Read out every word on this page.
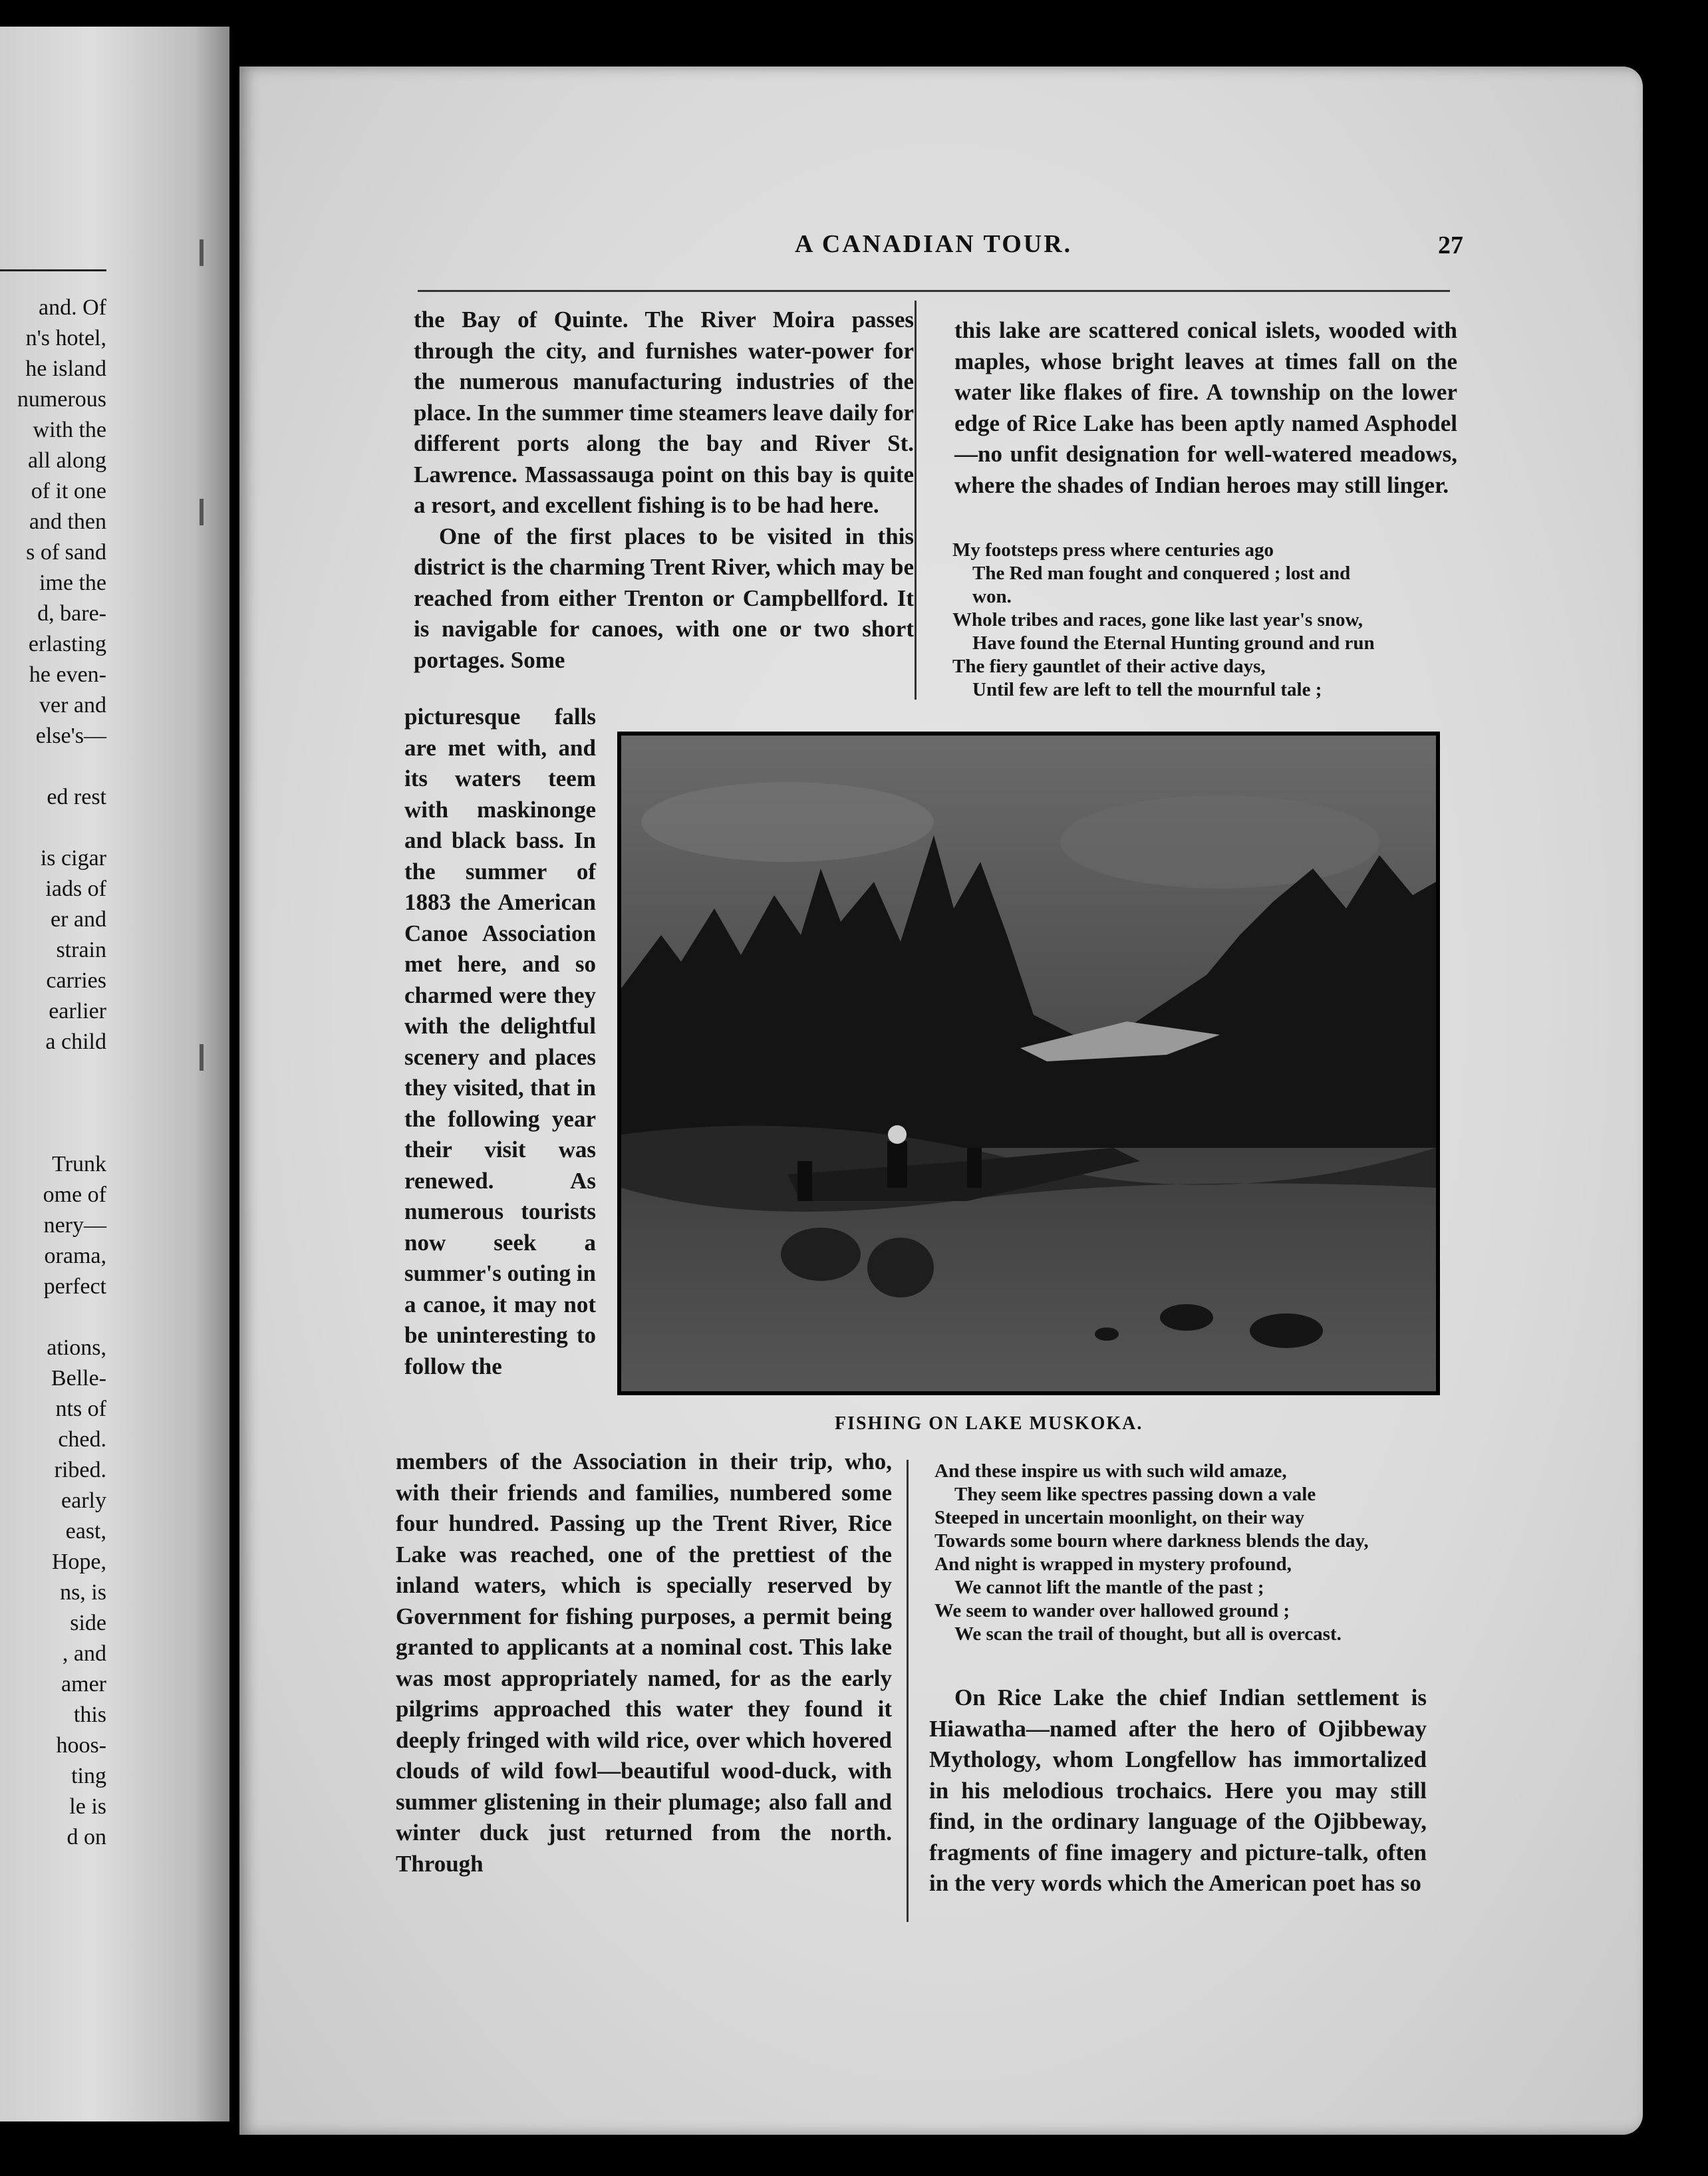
and. Of
n's hotel,
he island
numerous
with the
all along
of it one
and then
s of sand
ime the
d, bare-
erlasting
he even-
ver and
else's—
ed rest
is cigar
iads of
er and
strain
carries
earlier
a child
Trunk
ome of
nery—
orama,
perfect
ations,
Belle-
nts of
ched.
ribed.
early
east,
Hope,
ns, is
side
, and
amer
this
hoos-
ting
le is
d on
A CANADIAN TOUR.	27

the Bay of Quinte. The River Moira passes through the city, and furnishes water-power for the numerous manufacturing industries of the place. In the summer time steamers leave daily for different ports along the bay and River St. Lawrence. Massassauga point on this bay is quite a resort, and excellent fishing is to be had here.

One of the first places to be visited in this district is the charming Trent River, which may be reached from either Trenton or Campbellford. It is navigable for canoes, with one or two short portages. Some

picturesque falls are met with, and its waters teem with maskinonge and black bass. In the summer of 1883 the American Canoe Association met here, and so charmed were they with the delightful scenery and places they visited, that in the following year their visit was renewed. As numerous tourists now seek a summer's outing in a canoe, it may not be uninteresting to follow the

members of the Association in their trip, who, with their friends and families, numbered some four hundred. Passing up the Trent River, Rice Lake was reached, one of the prettiest of the inland waters, which is specially reserved by Government for fishing purposes, a permit being granted to applicants at a nominal cost. This lake was most appropriately named, for as the early pilgrims approached this water they found it deeply fringed with wild rice, over which hovered clouds of wild fowl—beautiful wood-duck, with summer glistening in their plumage; also fall and winter duck just returned from the north. Through

this lake are scattered conical islets, wooded with maples, whose bright leaves at times fall on the water like flakes of fire. A township on the lower edge of Rice Lake has been aptly named Asphodel—no unfit designation for well-watered meadows, where the shades of Indian heroes may still linger.

My footsteps press where centuries ago
The Red man fought and conquered ; lost and
won.
Whole tribes and races, gone like last year's snow,
Have found the Eternal Hunting ground and run
The fiery gauntlet of their active days,
Until few are left to tell the mournful tale ;
FISHING ON LAKE MUSKOKA.
And these inspire us with such wild amaze,
They seem like spectres passing down a vale
Steeped in uncertain moonlight, on their way
Towards some bourn where darkness blends the day,
And night is wrapped in mystery profound,
We cannot lift the mantle of the past ;
We seem to wander over hallowed ground ;
We scan the trail of thought, but all is overcast.

On Rice Lake the chief Indian settlement is Hiawatha—named after the hero of Ojibbeway Mythology, whom Longfellow has immortalized in his melodious trochaics. Here you may still find, in the ordinary language of the Ojibbeway, fragments of fine imagery and picture-talk, often in the very words which the American poet has so
